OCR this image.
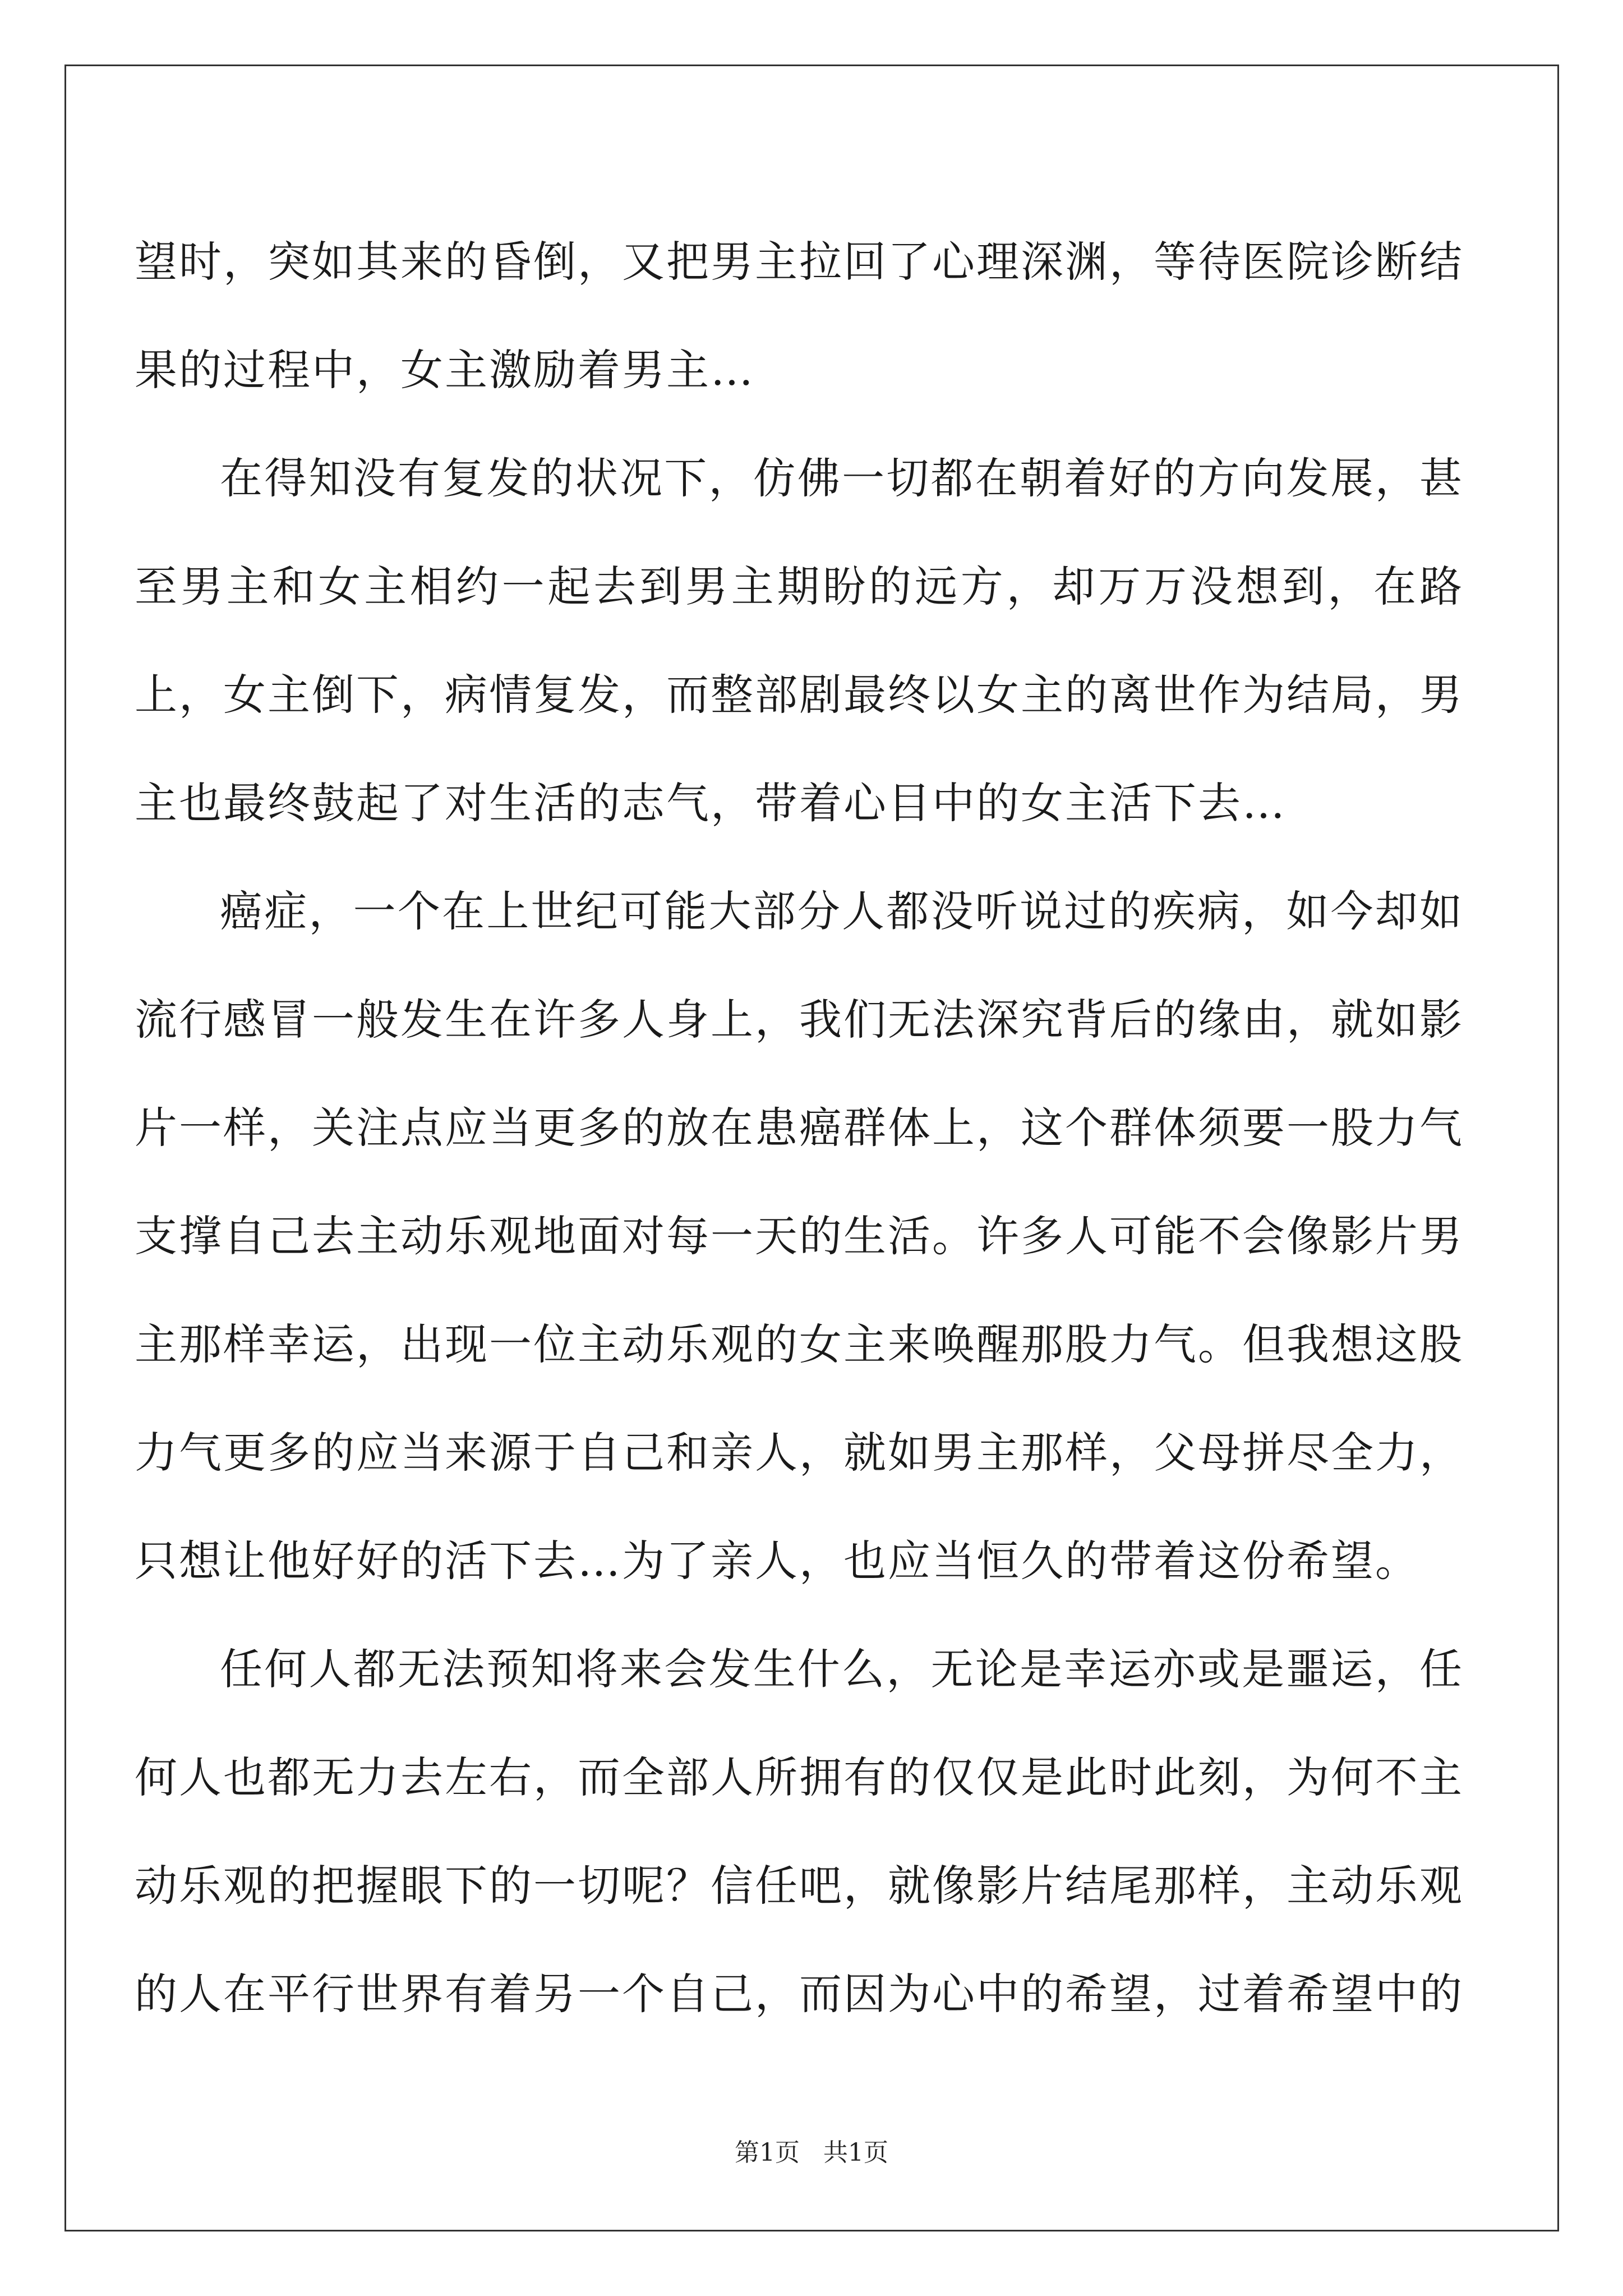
望时，突如其来的昏倒，又把男主拉回了心理深渊，等待医院诊断结果的过程中，女主激励着男主…

在得知没有复发的状况下，仿佛一切都在朝着好的方向发展，甚至男主和女主相约一起去到男主期盼的远方，却万万没想到，在路上，女主倒下，病情复发，而整部剧最终以女主的离世作为结局，男主也最终鼓起了对生活的志气，带着心目中的女主活下去…

癌症，一个在上世纪可能大部分人都没听说过的疾病，如今却如流行感冒一般发生在许多人身上，我们无法深究背后的缘由，就如影片一样，关注点应当更多的放在患癌群体上，这个群体须要一股力气支撑自己去主动乐观地面对每一天的生活。许多人可能不会像影片男主那样幸运，出现一位主动乐观的女主来唤醒那股力气。但我想这股力气更多的应当来源于自己和亲人，就如男主那样，父母拼尽全力，只想让他好好的活下去…为了亲人，也应当恒久的带着这份希望。

任何人都无法预知将来会发生什么，无论是幸运亦或是噩运，任何人也都无力去左右，而全部人所拥有的仅仅是此时此刻，为何不主动乐观的把握眼下的一切呢？信任吧，就像影片结尾那样，主动乐观的人在平行世界有着另一个自己，而因为心中的希望，过着希望中的

第1页   共1页
